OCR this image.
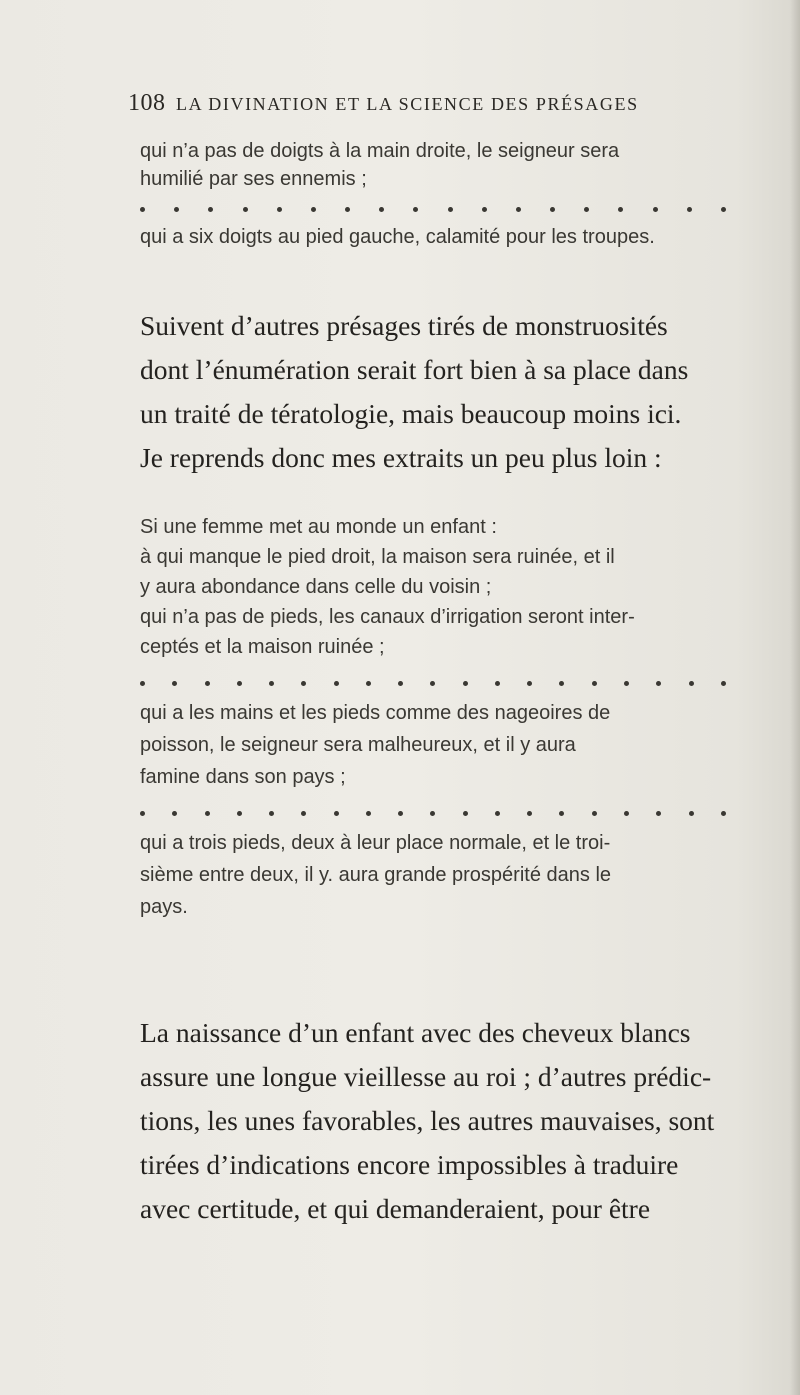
108 LA DIVINATION ET LA SCIENCE DES PRÉSAGES
qui n’a pas de doigts à la main droite, le seigneur sera
humilié par ses ennemis ;
qui a six doigts au pied gauche, calamité pour les troupes.
Suivent d’autres présages tirés de monstruosités
dont l’énumération serait fort bien à sa place dans
un traité de tératologie, mais beaucoup moins ici.
Je reprends donc mes extraits un peu plus loin :
Si une femme met au monde un enfant :
à qui manque le pied droit, la maison sera ruinée, et il
y aura abondance dans celle du voisin ;
qui n’a pas de pieds, les canaux d’irrigation seront inter-
ceptés et la maison ruinée ;
qui a les mains et les pieds comme des nageoires de
poisson, le seigneur sera malheureux, et il y aura
famine dans son pays ;
qui a trois pieds, deux à leur place normale, et le troi-
sième entre deux, il y. aura grande prospérité dans le
pays.
La naissance d’un enfant avec des cheveux blancs
assure une longue vieillesse au roi ; d’autres prédic-
tions, les unes favorables, les autres mauvaises, sont
tirées d’indications encore impossibles à traduire
avec certitude, et qui demanderaient, pour être
